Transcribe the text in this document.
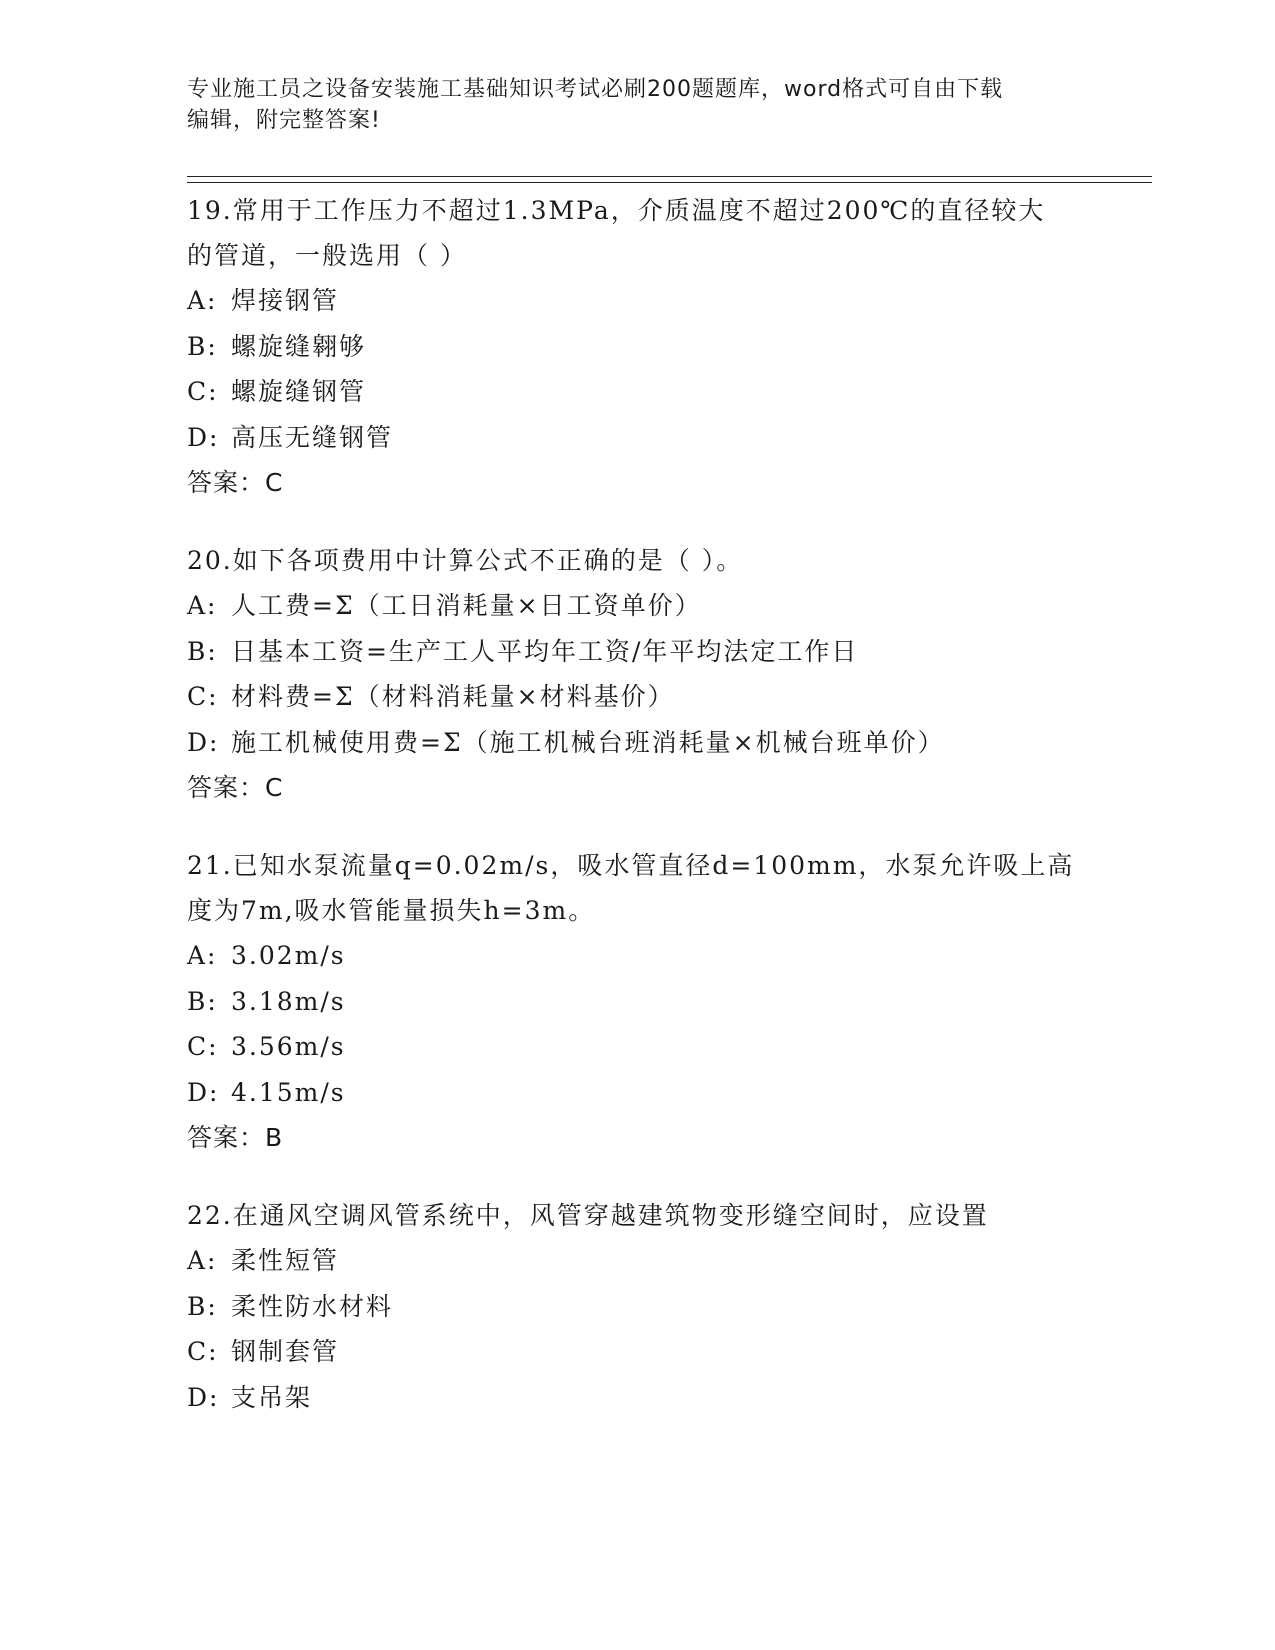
专业施工员之设备安装施工基础知识考试必刷200题题库，word格式可自由下载
编辑，附完整答案!
19.常用于工作压力不超过1.3MPa，介质温度不超过200℃的直径较大
的管道，一般选用（ ）
A: 焊接钢管
B: 螺旋缝翱够
C: 螺旋缝钢管
D: 高压无缝钢管
答案：C
20.如下各项费用中计算公式不正确的是（ ）。
A: 人工费=Σ（工日消耗量×日工资单价）
B: 日基本工资=生产工人平均年工资/年平均法定工作日
C: 材料费=Σ（材料消耗量×材料基价）
D: 施工机械使用费=Σ（施工机械台班消耗量×机械台班单价）
答案：C
21.已知水泵流量q=0.02m/s，吸水管直径d=100mm，水泵允许吸上高
度为7m,吸水管能量损失h=3m。
A: 3.02m/s
B: 3.18m/s
C: 3.56m/s
D: 4.15m/s
答案：B
22.在通风空调风管系统中，风管穿越建筑物变形缝空间时，应设置
A: 柔性短管
B: 柔性防水材料
C: 钢制套管
D: 支吊架
